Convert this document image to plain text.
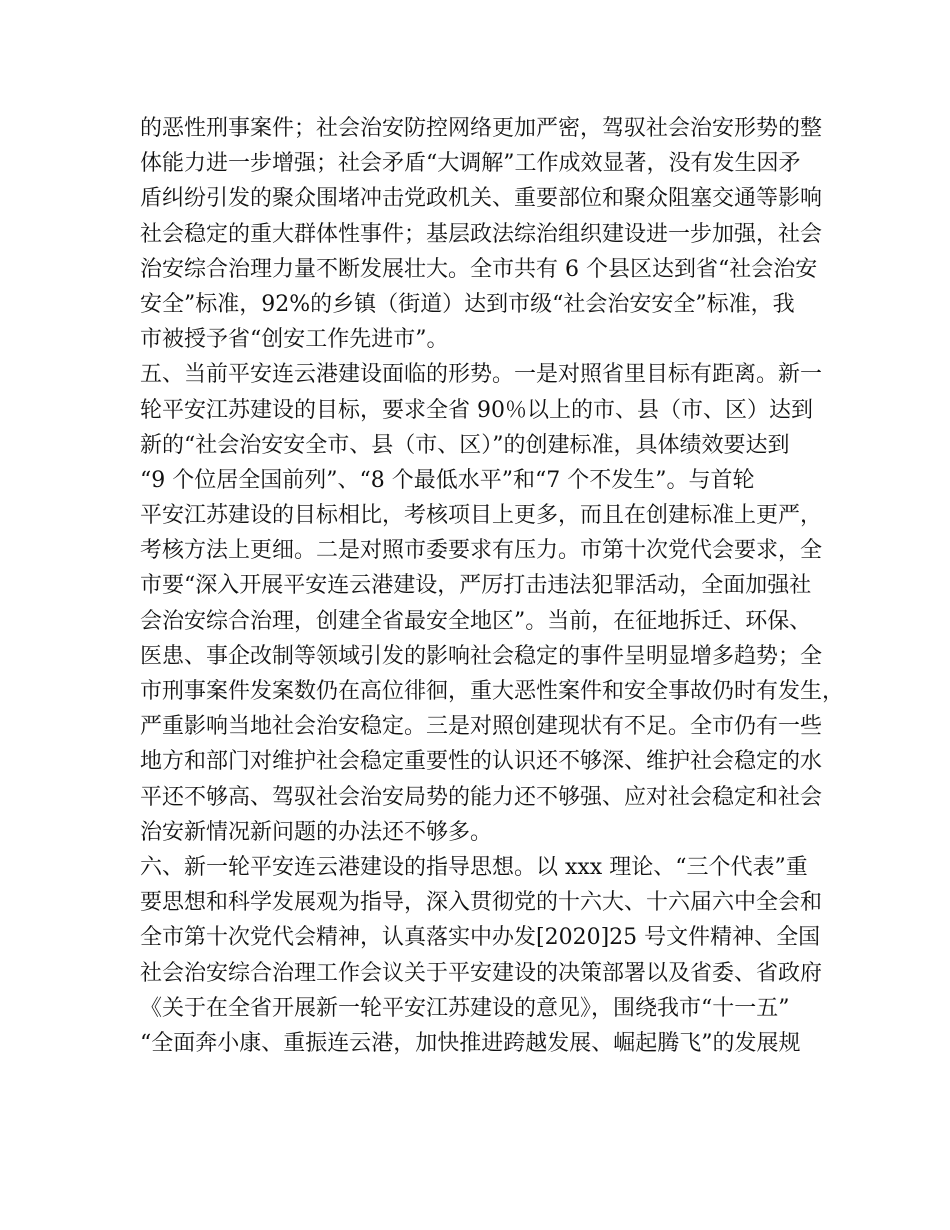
的恶性刑事案件；社会治安防控网络更加严密，驾驭社会治安形势的整
体能力进一步增强；社会矛盾“大调解”工作成效显著，没有发生因矛
盾纠纷引发的聚众围堵冲击党政机关、重要部位和聚众阻塞交通等影响
社会稳定的重大群体性事件；基层政法综治组织建设进一步加强，社会
治安综合治理力量不断发展壮大。全市共有 6 个县区达到省“社会治安
安全”标准，92%的乡镇（街道）达到市级“社会治安安全”标准，我
市被授予省“创安工作先进市”。
五、当前平安连云港建设面临的形势。一是对照省里目标有距离。新一
轮平安江苏建设的目标，要求全省 90％以上的市、县（市、区）达到
新的“社会治安安全市、县（市、区）”的创建标准，具体绩效要达到
“9 个位居全国前列”、“8 个最低水平”和“7 个不发生”。与首轮
平安江苏建设的目标相比，考核项目上更多，而且在创建标准上更严，
考核方法上更细。二是对照市委要求有压力。市第十次党代会要求，全
市要“深入开展平安连云港建设，严厉打击违法犯罪活动，全面加强社
会治安综合治理，创建全省最安全地区”。当前，在征地拆迁、环保、
医患、事企改制等领域引发的影响社会稳定的事件呈明显增多趋势；全
市刑事案件发案数仍在高位徘徊，重大恶性案件和安全事故仍时有发生，
严重影响当地社会治安稳定。三是对照创建现状有不足。全市仍有一些
地方和部门对维护社会稳定重要性的认识还不够深、维护社会稳定的水
平还不够高、驾驭社会治安局势的能力还不够强、应对社会稳定和社会
治安新情况新问题的办法还不够多。
六、新一轮平安连云港建设的指导思想。以 xxx 理论、“三个代表”重
要思想和科学发展观为指导，深入贯彻党的十六大、十六届六中全会和
全市第十次党代会精神，认真落实中办发[2020]25 号文件精神、全国
社会治安综合治理工作会议关于平安建设的决策部署以及省委、省政府
《关于在全省开展新一轮平安江苏建设的意见》，围绕我市“十一五”
“全面奔小康、重振连云港，加快推进跨越发展、崛起腾飞”的发展规
